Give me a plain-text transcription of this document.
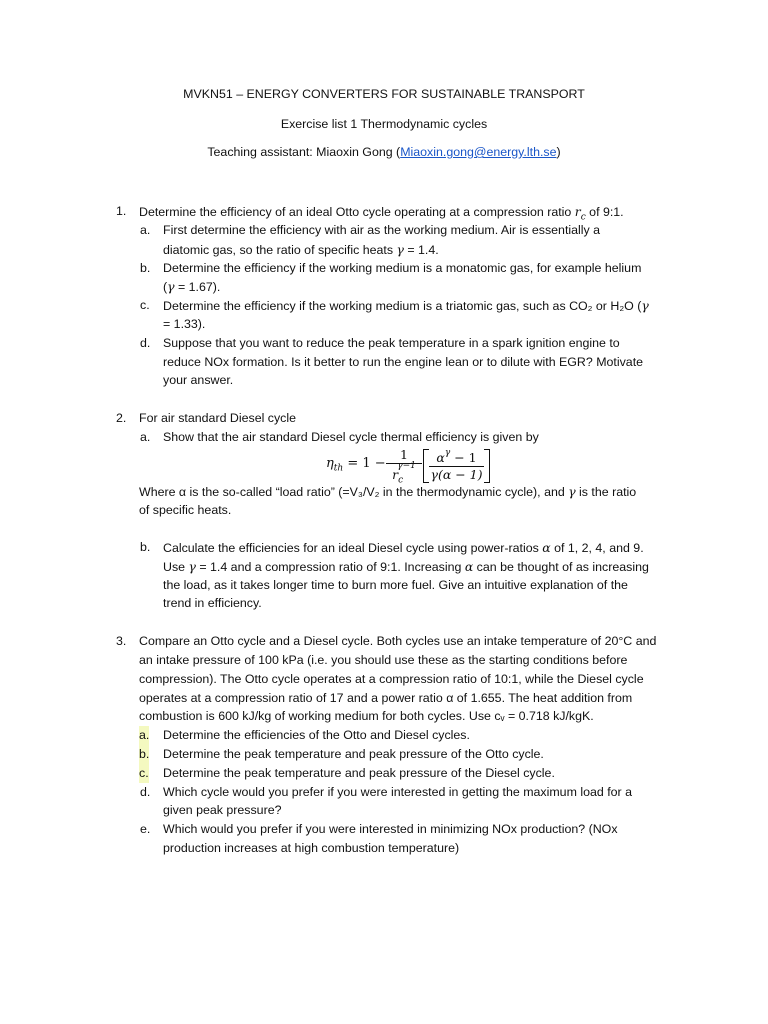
MVKN51 – ENERGY CONVERTERS FOR SUSTAINABLE TRANSPORT
Exercise list 1 Thermodynamic cycles
Teaching assistant: Miaoxin Gong (Miaoxin.gong@energy.lth.se)
1. Determine the efficiency of an ideal Otto cycle operating at a compression ratio $r_c$ of 9:1.
a. First determine the efficiency with air as the working medium. Air is essentially a
diatomic gas, so the ratio of specific heats γ = 1.4.
b. Determine the efficiency if the working medium is a monatomic gas, for example helium
(γ = 1.67).
c. Determine the efficiency if the working medium is a triatomic gas, such as CO₂ or H₂O (γ
= 1.33).
d. Suppose that you want to reduce the peak temperature in a spark ignition engine to
reduce NOx formation. Is it better to run the engine lean or to dilute with EGR? Motivate
your answer.
2. For air standard Diesel cycle
a. Show that the air standard Diesel cycle thermal efficiency is given by
$\eta_{th} = 1$ −
1
$r_c^{\gamma-1}$
$\alpha^\gamma - 1$
γ(α − 1)
Where α is the so-called “load ratio” (=V₃/V₂ in the thermodynamic cycle), and γ is the ratio
of specific heats.
b. Calculate the efficiencies for an ideal Diesel cycle using power-ratios α of 1, 2, 4, and 9.
Use γ = 1.4 and a compression ratio of 9:1. Increasing α can be thought of as increasing
the load, as it takes longer time to burn more fuel. Give an intuitive explanation of the
trend in efficiency.
3. Compare an Otto cycle and a Diesel cycle. Both cycles use an intake temperature of 20°C and
an intake pressure of 100 kPa (i.e. you should use these as the starting conditions before
compression). The Otto cycle operates at a compression ratio of 10:1, while the Diesel cycle
operates at a compression ratio of 17 and a power ratio α of 1.655. The heat addition from
combustion is 600 kJ/kg of working medium for both cycles. Use cᵥ = 0.718 kJ/kgK.
a. Determine the efficiencies of the Otto and Diesel cycles.
b. Determine the peak temperature and peak pressure of the Otto cycle.
c. Determine the peak temperature and peak pressure of the Diesel cycle.
d. Which cycle would you prefer if you were interested in getting the maximum load for a
given peak pressure?
e. Which would you prefer if you were interested in minimizing NOx production? (NOx
production increases at high combustion temperature)
